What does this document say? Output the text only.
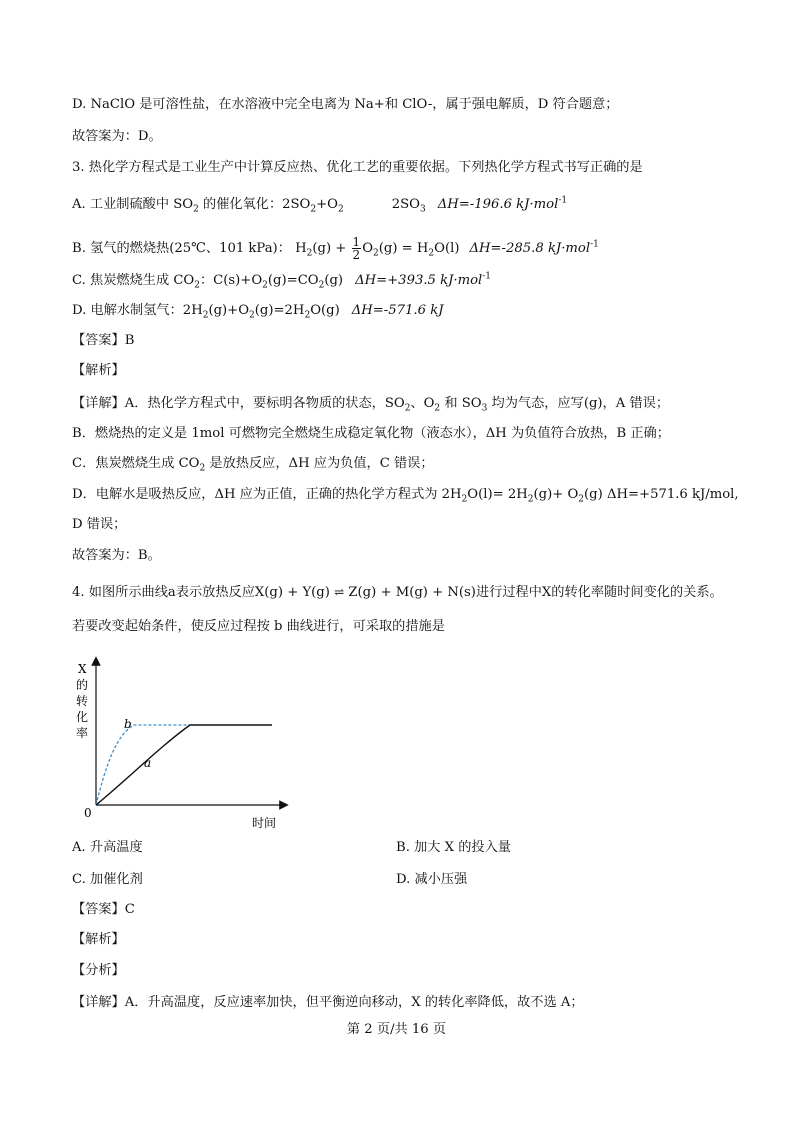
D. NaClO 是可溶性盐，在水溶液中完全电离为 Na+和 ClO-，属于强电解质，D 符合题意；
故答案为：D。
3. 热化学方程式是工业生产中计算反应热、优化工艺的重要依据。下列热化学方程式书写正确的是
A. 工业制硫酸中 $SO_2$ 的催化氧化：$2SO_2+O_2$	$2SO_3$ ΔH=-196.6 kJ·mol$^{-1}$
B. 氢气的燃烧热(25℃、101 kPa)： $H_2(g) + \frac{1}{2} O_2(g) = H_2O(l)$ ΔH=-285.8 kJ·mol$^{-1}$
C. 焦炭燃烧生成 $CO_2$：$C(s)+O_2(g)=CO_2(g)$ ΔH=+393.5 kJ·mol$^{-1}$
D. 电解水制氢气：$2H_2(g)+O_2(g)=2H_2O(g)$ ΔH=-571.6 kJ
【答案】B
【解析】
【详解】A．热化学方程式中，要标明各物质的状态，$SO_2$、$O_2$ 和 $SO_3$ 均为气态，应写(g)，A 错误；
B．燃烧热的定义是 1mol 可燃物完全燃烧生成稳定氧化物（液态水），ΔH 为负值符合放热，B 正确；
C．焦炭燃烧生成 $CO_2$ 是放热反应，ΔH 应为负值，C 错误；
D．电解水是吸热反应，ΔH 应为正值，正确的热化学方程式为 $2H_2O(l)= 2H_2(g)+ O_2(g)$ ΔH=+571.6 kJ/mol,
D 错误；
故答案为：B。
4. 如图所示曲线a表示放热反应X(g) + Y(g) ⇌ Z(g) + M(g) + N(s)进行过程中X的转化率随时间变化的关系。
若要改变起始条件，使反应过程按 b 曲线进行，可采取的措施是
X
的
转
化
率
0
时间
b
a
A. 升高温度	B. 加大 X 的投入量
C. 加催化剂	D. 减小压强
【答案】C
【解析】
【分析】
【详解】A．升高温度，反应速率加快，但平衡逆向移动，X 的转化率降低，故不选 A；
第 2 页/共 16 页
